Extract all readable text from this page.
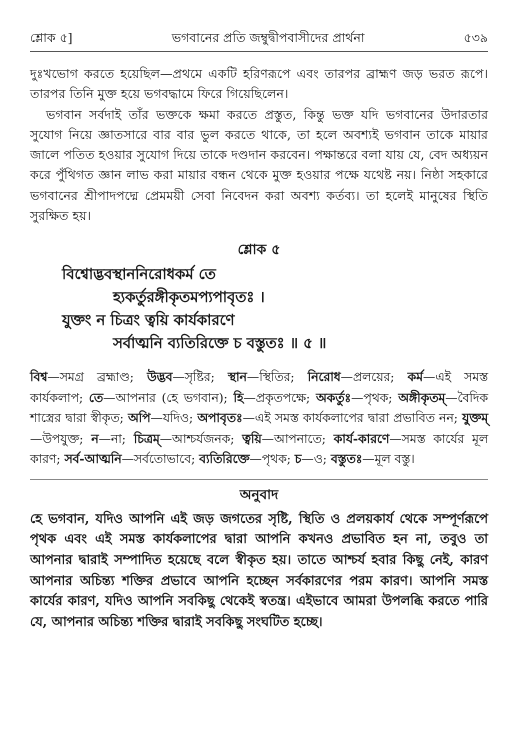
শ্লোক ৫]	ভগবানের প্রতি জম্বুদ্বীপবাসীদের প্রার্থনা	৫৩৯

দুঃখভোগ করতে হয়েছিল—প্রথমে একটি হরিণরূপে এবং তারপর ব্রাহ্মণ জড় ভরত রূপে। তারপর তিনি মুক্ত হয়ে ভগবদ্ধামে ফিরে গিয়েছিলেন।

ভগবান সর্বদাই তাঁর ভক্তকে ক্ষমা করতে প্রস্তুত, কিন্তু ভক্ত যদি ভগবানের উদারতার সুযোগ নিয়ে জ্ঞাতসারে বার বার ভুল করতে থাকে, তা হলে অবশ্যই ভগবান তাকে মায়ার জালে পতিত হওয়ার সুযোগ দিয়ে তাকে দণ্ডদান করবেন। পক্ষান্তরে বলা যায় যে, বেদ অধ্যয়ন করে পুঁথিগত জ্ঞান লাভ করা মায়ার বন্ধন থেকে মুক্ত হওয়ার পক্ষে যথেষ্ট নয়। নিষ্ঠা সহকারে ভগবানের শ্রীপাদপদ্মে প্রেমময়ী সেবা নিবেদন করা অবশ্য কর্তব্য। তা হলেই মানুষের স্থিতি সুরক্ষিত হয়।

শ্লোক ৫
বিশ্বোদ্ভবস্থাননিরোধকর্ম তে
হ্যকর্তুরঙ্গীকৃতমপ্যপাবৃতঃ ।
যুক্তং ন চিত্রং ত্বয়ি কার্যকারণে
সর্বাত্মনি ব্যতিরিক্তে চ বস্তুতঃ ॥ ৫ ॥
বিশ্ব—সমগ্র ব্রহ্মাণ্ড; উদ্ভব—সৃষ্টির; স্থান—স্থিতির; নিরোধ—প্রলয়ের; কর্ম—এই সমস্ত কার্যকলাপ; তে—আপনার (হে ভগবান); হি—প্রকৃতপক্ষে; অকর্তুঃ—পৃথক; অঙ্গীকৃতম্—বৈদিক শাস্ত্রের দ্বারা স্বীকৃত; অপি—যদিও; অপাবৃতঃ—এই সমস্ত কার্যকলাপের দ্বারা প্রভাবিত নন; যুক্তম্—উপযুক্ত; ন—না; চিত্রম্—আশ্চর্যজনক; ত্বয়ি—আপনাতে; কার্য-কারণে—সমস্ত কার্যের মূল কারণ; সর্ব-আত্মনি—সর্বতোভাবে; ব্যতিরিক্তে—পৃথক; চ—ও; বস্তুতঃ—মূল বস্তু।
অনুবাদ
হে ভগবান, যদিও আপনি এই জড় জগতের সৃষ্টি, স্থিতি ও প্রলয়কার্য থেকে সম্পূর্ণরূপে পৃথক এবং এই সমস্ত কার্যকলাপের দ্বারা আপনি কখনও প্রভাবিত হন না, তবুও তা আপনার দ্বারাই সম্পাদিত হয়েছে বলে স্বীকৃত হয়। তাতে আশ্চর্য হবার কিছু নেই, কারণ আপনার অচিন্ত্য শক্তির প্রভাবে আপনি হচ্ছেন সর্বকারণের পরম কারণ। আপনি সমস্ত কার্যের কারণ, যদিও আপনি সবকিছু থেকেই স্বতন্ত্র। এইভাবে আমরা উপলব্ধি করতে পারি যে, আপনার অচিন্ত্য শক্তির দ্বারাই সবকিছু সংঘটিত হচ্ছে।
